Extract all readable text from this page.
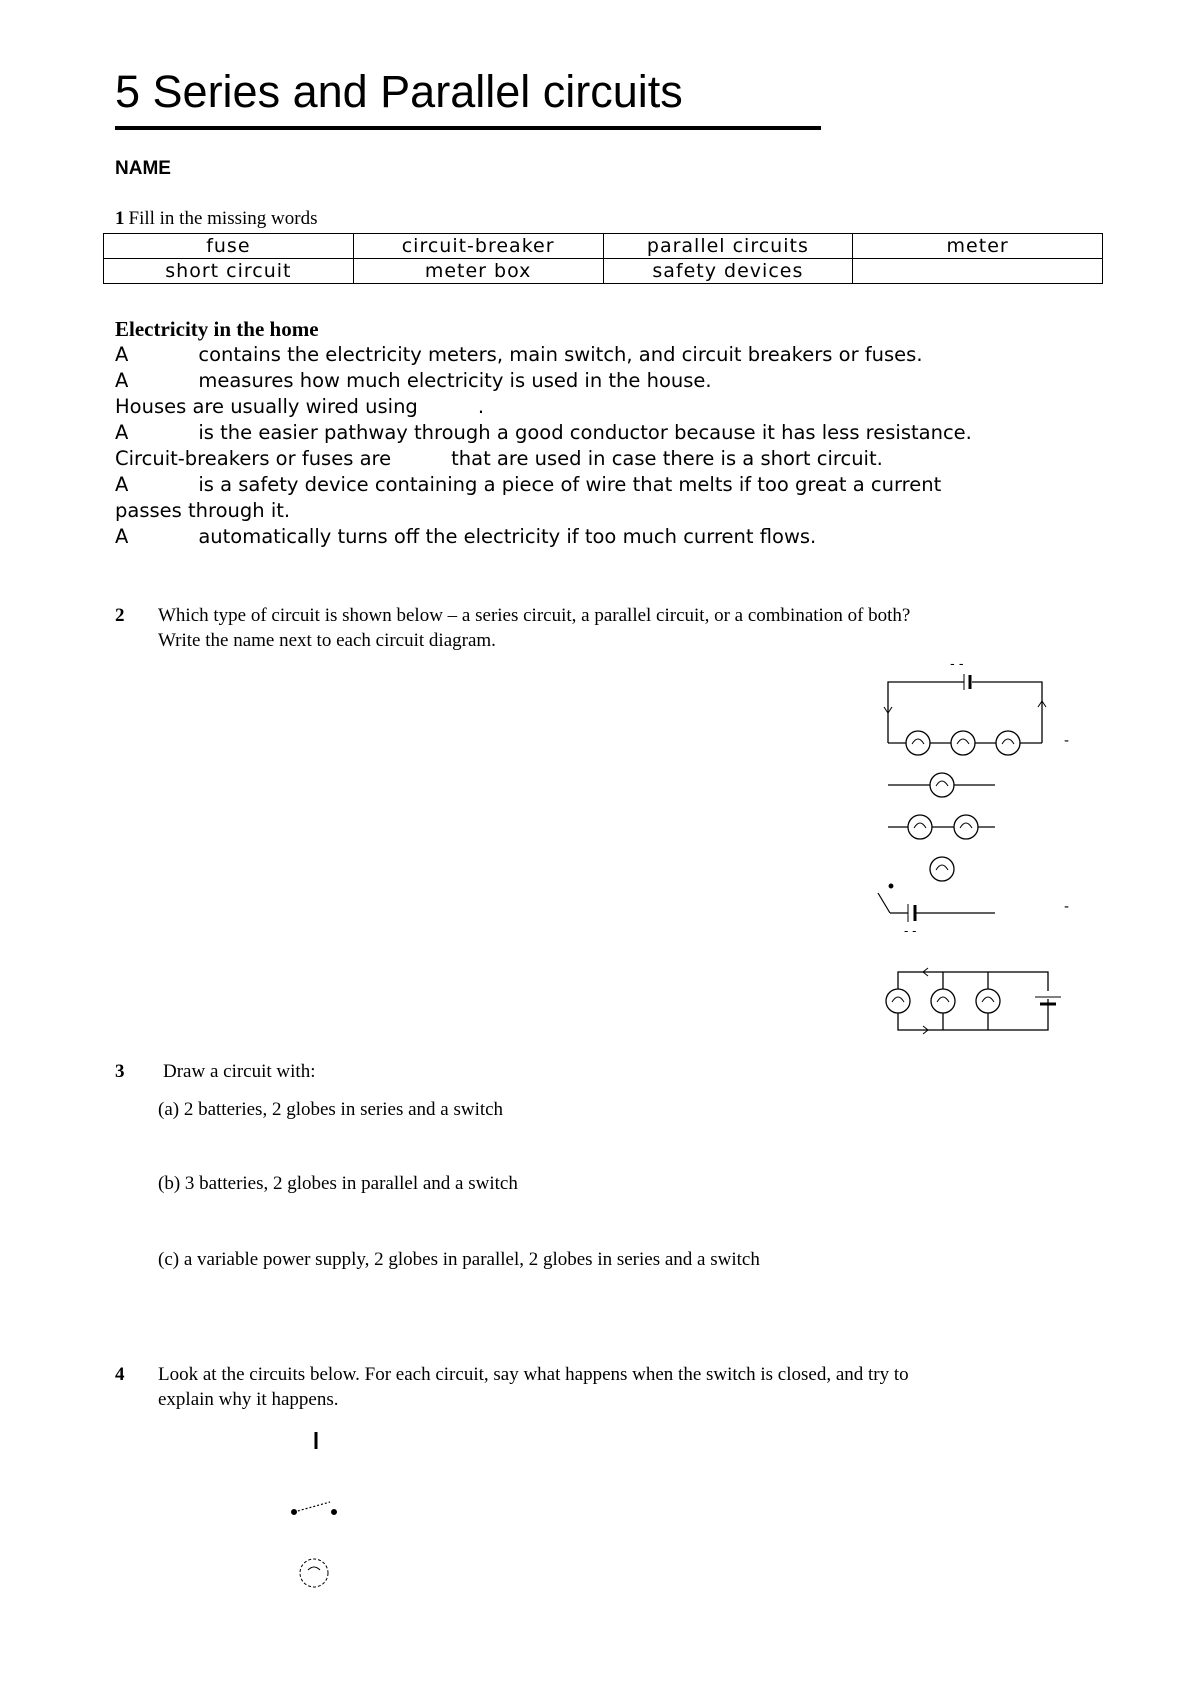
5 Series and Parallel circuits
NAME
1 Fill in the missing words
fuse	circuit-breaker	parallel circuits	meter
short circuit	meter box	safety devices	
Electricity in the home
A	contains the electricity meters, main switch, and circuit breakers or fuses.
A	measures how much electricity is used in the house.
Houses are usually wired using	.
A	is the easier pathway through a good conductor because it has less resistance.
Circuit-breakers or fuses are	that are used in case there is a short circuit.
A	is a safety device containing a piece of wire that melts if too great a current
passes through it.
A	automatically turns off the electricity if too much current flows.
2 Which type of circuit is shown below – a series circuit, a parallel circuit, or a combination of both?
Write the name next to each circuit diagram.
- -
-
-
- -
3 Draw a circuit with:
(a) 2 batteries, 2 globes in series and a switch
(b) 3 batteries, 2 globes in parallel and a switch
(c) a variable power supply, 2 globes in parallel, 2 globes in series and a switch
4 Look at the circuits below. For each circuit, say what happens when the switch is closed, and try to
explain why it happens.
